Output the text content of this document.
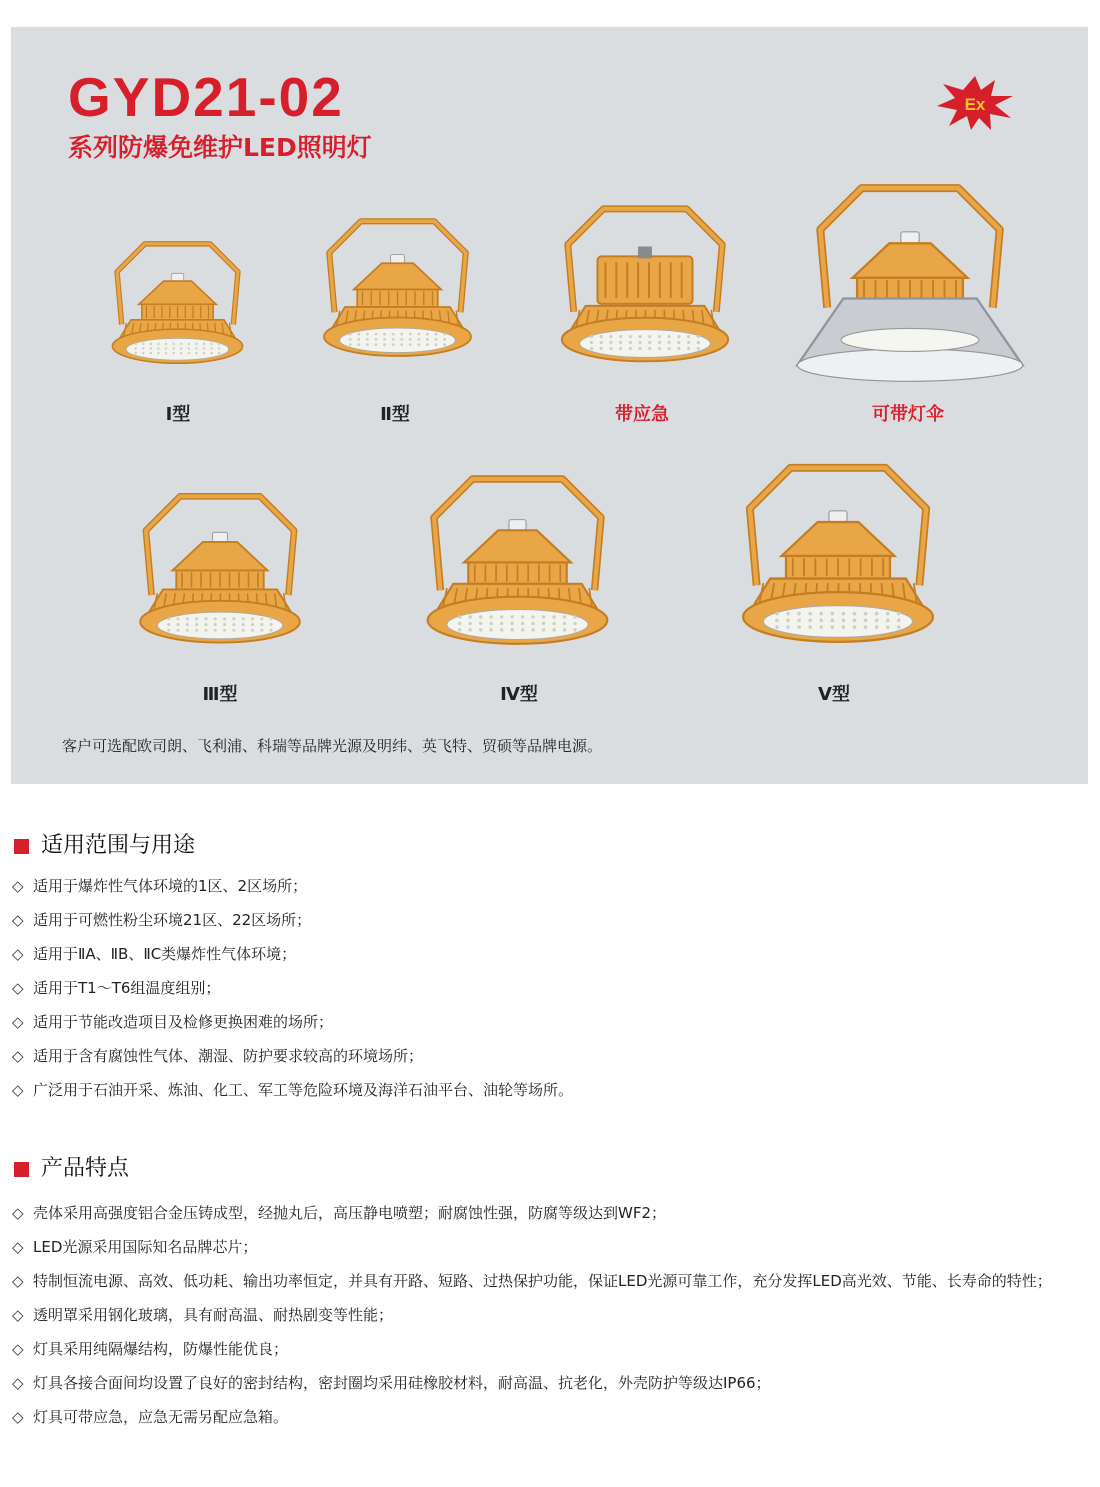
GYD21-02
系列防爆免维护LED照明灯
Ex
Ⅰ型	Ⅱ型	带应急	可带灯伞
Ⅲ型	Ⅳ型	Ⅴ型
客户可选配欧司朗、飞利浦、科瑞等品牌光源及明纬、英飞特、贸硕等品牌电源。
适用范围与用途
◇ 适用于爆炸性气体环境的1区、2区场所；
◇ 适用于可燃性粉尘环境21区、22区场所；
◇ 适用于ⅡA、ⅡB、ⅡC类爆炸性气体环境；
◇ 适用于T1～T6组温度组别；
◇ 适用于节能改造项目及检修更换困难的场所；
◇ 适用于含有腐蚀性气体、潮湿、防护要求较高的环境场所；
◇ 广泛用于石油开采、炼油、化工、军工等危险环境及海洋石油平台、油轮等场所。
产品特点
◇ 壳体采用高强度铝合金压铸成型，经抛丸后，高压静电喷塑；耐腐蚀性强，防腐等级达到WF2；
◇ LED光源采用国际知名品牌芯片；
◇ 特制恒流电源、高效、低功耗、输出功率恒定，并具有开路、短路、过热保护功能，保证LED光源可靠工作，充分发挥LED高光效、节能、长寿命的特性；
◇ 透明罩采用钢化玻璃，具有耐高温、耐热剧变等性能；
◇ 灯具采用纯隔爆结构，防爆性能优良；
◇ 灯具各接合面间均设置了良好的密封结构，密封圈均采用硅橡胶材料，耐高温、抗老化，外壳防护等级达IP66；
◇ 灯具可带应急，应急无需另配应急箱。
